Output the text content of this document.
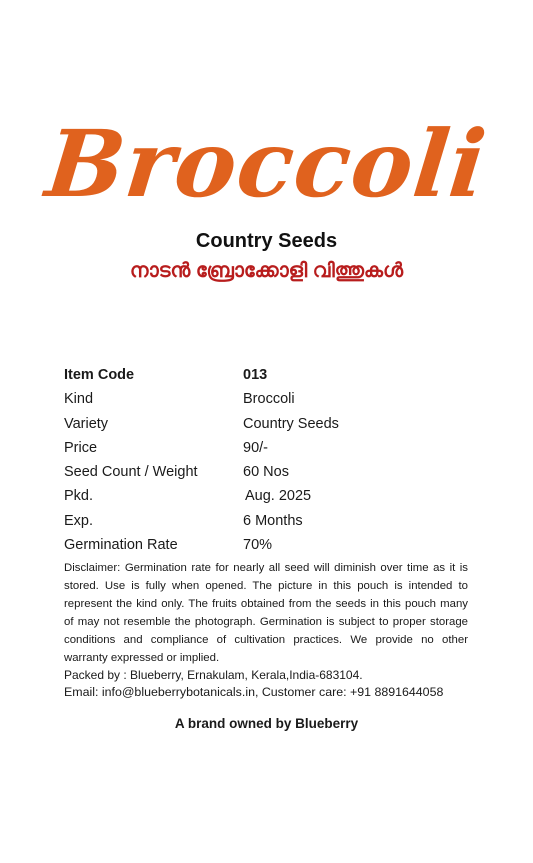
Broccoli
Country Seeds
നാടൻ ബ്രോക്കോളി വിത്തുകൾ
Item Code	013
Kind	Broccoli
Variety	Country Seeds
Price	90/-
Seed Count / Weight	60 Nos
Pkd.	Aug. 2025
Exp.	6 Months
Germination Rate	70%
Disclaimer: Germination rate for nearly all seed will diminish over time as it is stored. Use is fully when opened. The picture in this pouch is intended to represent the kind only. The fruits obtained from the seeds in this pouch many of may not resemble the photograph. Germination is subject to proper storage conditions and compliance of cultivation practices. We provide no other warranty expressed or implied.
Packed by : Blueberry, Ernakulam, Kerala,India-683104.
Email: info@blueberrybotanicals.in, Customer care: +91 8891644058
A brand owned by Blueberry
